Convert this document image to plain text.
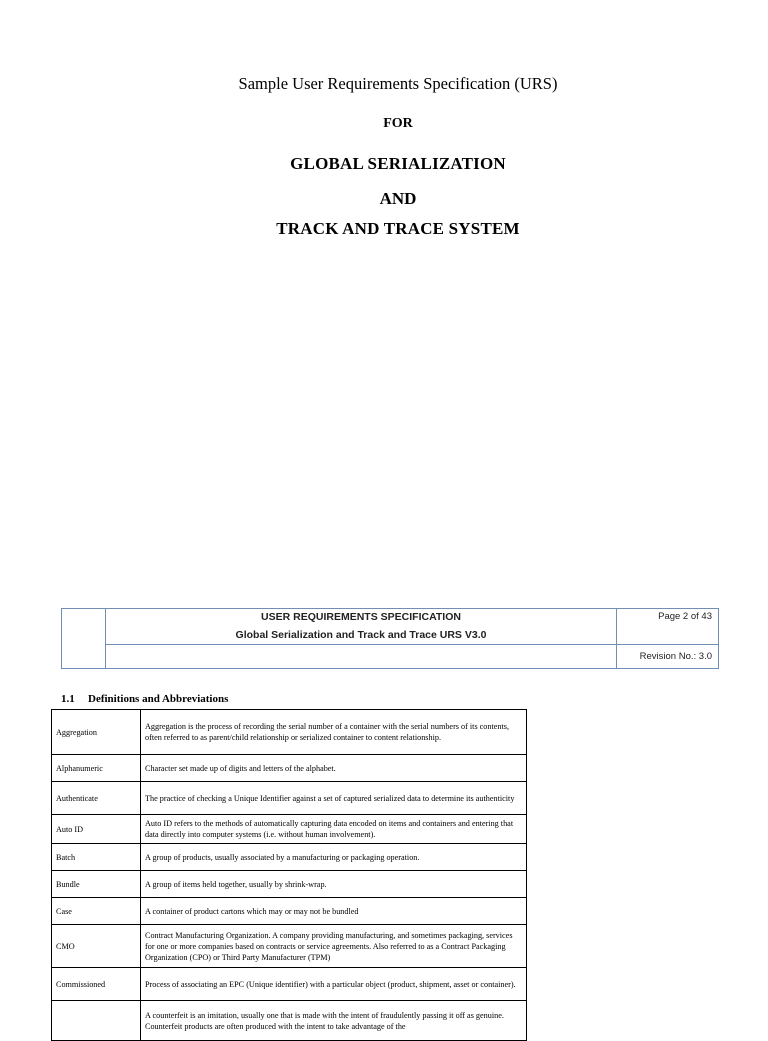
Sample User Requirements Specification (URS)
FOR
GLOBAL SERIALIZATION
AND
TRACK AND TRACE SYSTEM
USER REQUIREMENTS SPECIFICATION
Global Serialization and Track and Trace URS V3.0
Page 2 of 43
Revision No.: 3.0
1.1 Definitions and Abbreviations
Aggregation	Aggregation is the process of recording the serial number of a container with the serial numbers of its contents, often referred to as parent/child relationship or serialized container to content relationship.
Alphanumeric	Character set made up of digits and letters of the alphabet.
Authenticate	The practice of checking a Unique Identifier against a set of captured serialized data to determine its authenticity
Auto ID	Auto ID refers to the methods of automatically capturing data encoded on items and containers and entering that data directly into computer systems (i.e. without human involvement).
Batch	A group of products, usually associated by a manufacturing or packaging operation.
Bundle	A group of items held together, usually by shrink-wrap.
Case	A container of product cartons which may or may not be bundled
CMO	Contract Manufacturing Organization. A company providing manufacturing, and sometimes packaging, services for one or more companies based on contracts or service agreements. Also referred to as a Contract Packaging Organization (CPO) or Third Party Manufacturer (TPM)
Commissioned	Process of associating an EPC (Unique identifier) with a particular object (product, shipment, asset or container).
	A counterfeit is an imitation, usually one that is made with the intent of fraudulently passing it off as genuine. Counterfeit products are often produced with the intent to take advantage of the
